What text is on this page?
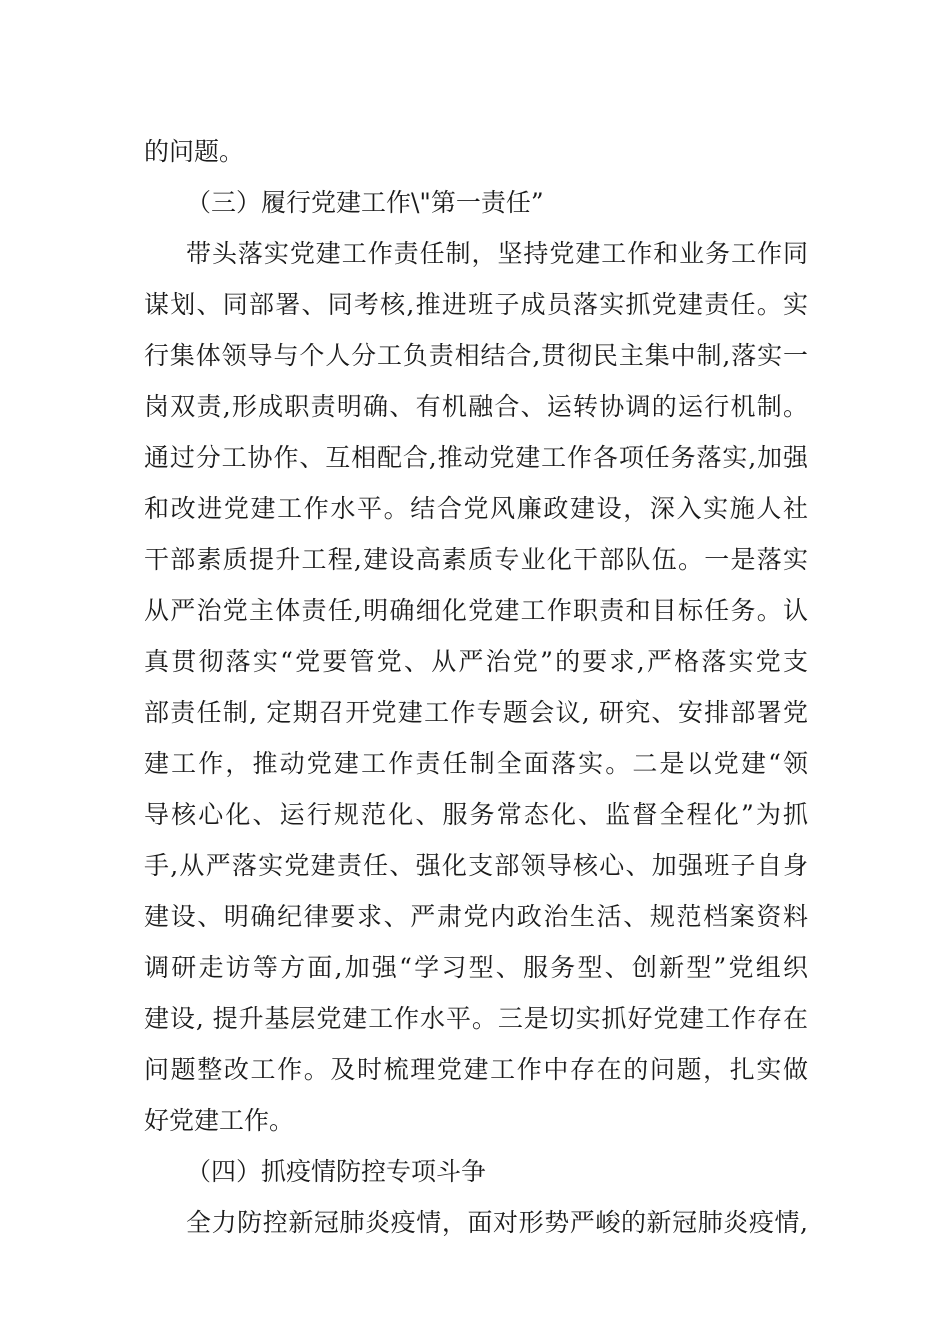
的问题。
（三）履行党建工作\"第一责任”
带头落实党建工作责任制，坚持党建工作和业务工作同
谋划、同部署、同考核,推进班子成员落实抓党建责任。实
行集体领导与个人分工负责相结合,贯彻民主集中制,落实一
岗双责,形成职责明确、有机融合、运转协调的运行机制。
通过分工协作、互相配合,推动党建工作各项任务落实,加强
和改进党建工作水平。结合党风廉政建设，深入实施人社
干部素质提升工程,建设高素质专业化干部队伍。一是落实
从严治党主体责任,明确细化党建工作职责和目标任务。认
真贯彻落实“党要管党、从严治党”的要求,严格落实党支
部责任制, 定期召开党建工作专题会议, 研究、安排部署党
建工作，推动党建工作责任制全面落实。二是以党建“领
导核心化、运行规范化、服务常态化、监督全程化”为抓
手,从严落实党建责任、强化支部领导核心、加强班子自身
建设、明确纪律要求、严肃党内政治生活、规范档案资料
调研走访等方面,加强“学习型、服务型、创新型”党组织
建设, 提升基层党建工作水平。三是切实抓好党建工作存在
问题整改工作。及时梳理党建工作中存在的问题，扎实做
好党建工作。
（四）抓疫情防控专项斗争
全力防控新冠肺炎疫情，面对形势严峻的新冠肺炎疫情,
